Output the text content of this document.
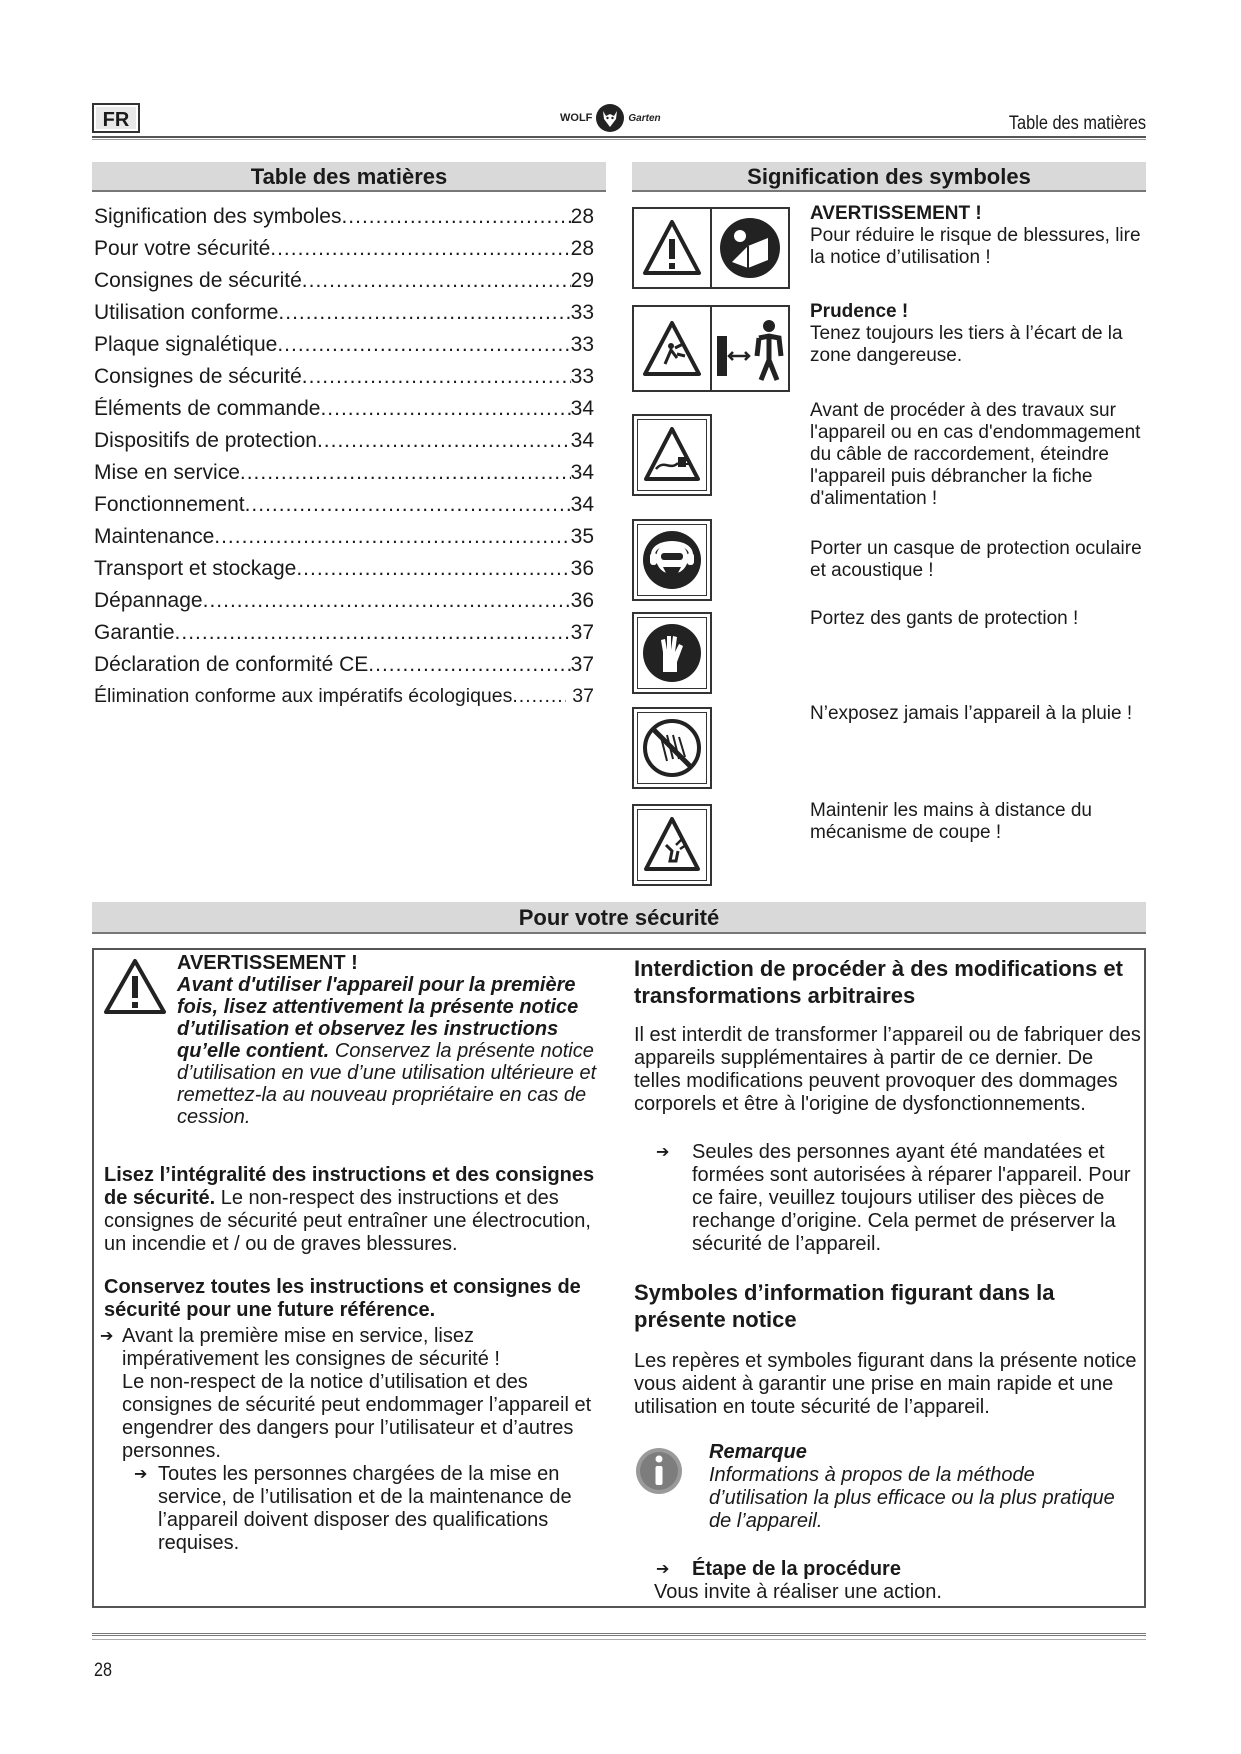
FR	WOLF	Garten	Table des matières
Table des matières
Signification des symboles .....	28
Pour votre sécurité .....	28
Consignes de sécurité .....	29
Utilisation conforme .....	33
Plaque signalétique .....	33
Consignes de sécurité .....	33
Éléments de commande .....	34
Dispositifs de protection .....	34
Mise en service .....	34
Fonctionnement .....	34
Maintenance .....	35
Transport et stockage .....	36
Dépannage .....	36
Garantie .....	37
Déclaration de conformité CE .....	37
Élimination conforme aux impératifs écologiques .....	37
Signification des symboles
AVERTISSEMENT !
Pour réduire le risque de blessures, lire la notice d’utilisation !
Prudence !
Tenez toujours les tiers à l’écart de la zone dangereuse.
Avant de procéder à des travaux sur l'appareil ou en cas d'endommagement du câble de raccordement, éteindre l'appareil puis débrancher la fiche d'alimentation !
Porter un casque de protection oculaire et acoustique !
Portez des gants de protection !
N’exposez jamais l’appareil à la pluie !
Maintenir les mains à distance du mécanisme de coupe !
Pour votre sécurité
AVERTISSEMENT !
Avant d'utiliser l'appareil pour la première fois, lisez attentivement la présente notice d’utilisation et observez les instructions qu’elle contient. Conservez la présente notice d’utilisation en vue d’une utilisation ultérieure et remettez-la au nouveau propriétaire en cas de cession.
Lisez l’intégralité des instructions et des consignes de sécurité. Le non-respect des instructions et des consignes de sécurité peut entraîner une électrocution, un incendie et / ou de graves blessures.
Conservez toutes les instructions et consignes de sécurité pour une future référence.
➔ Avant la première mise en service, lisez impérativement les consignes de sécurité !
Le non-respect de la notice d’utilisation et des consignes de sécurité peut endommager l’appareil et engendrer des dangers pour l’utilisateur et d’autres personnes.
➔ Toutes les personnes chargées de la mise en service, de l’utilisation et de la maintenance de l’appareil doivent disposer des qualifications requises.
Interdiction de procéder à des modifications et transformations arbitraires
Il est interdit de transformer l’appareil ou de fabriquer des appareils supplémentaires à partir de ce dernier. De telles modifications peuvent provoquer des dommages corporels et être à l'origine de dysfonctionnements.
➔	Seules des personnes ayant été mandatées et formées sont autorisées à réparer l'appareil. Pour ce faire, veuillez toujours utiliser des pièces de rechange d’origine. Cela permet de préserver la sécurité de l’appareil.
Symboles d’information figurant dans la présente notice
Les repères et symboles figurant dans la présente notice vous aident à garantir une prise en main rapide et une utilisation en toute sécurité de l’appareil.
Remarque
Informations à propos de la méthode d’utilisation la plus efficace ou la plus pratique de l’appareil.
➔	Étape de la procédure
Vous invite à réaliser une action.
28
